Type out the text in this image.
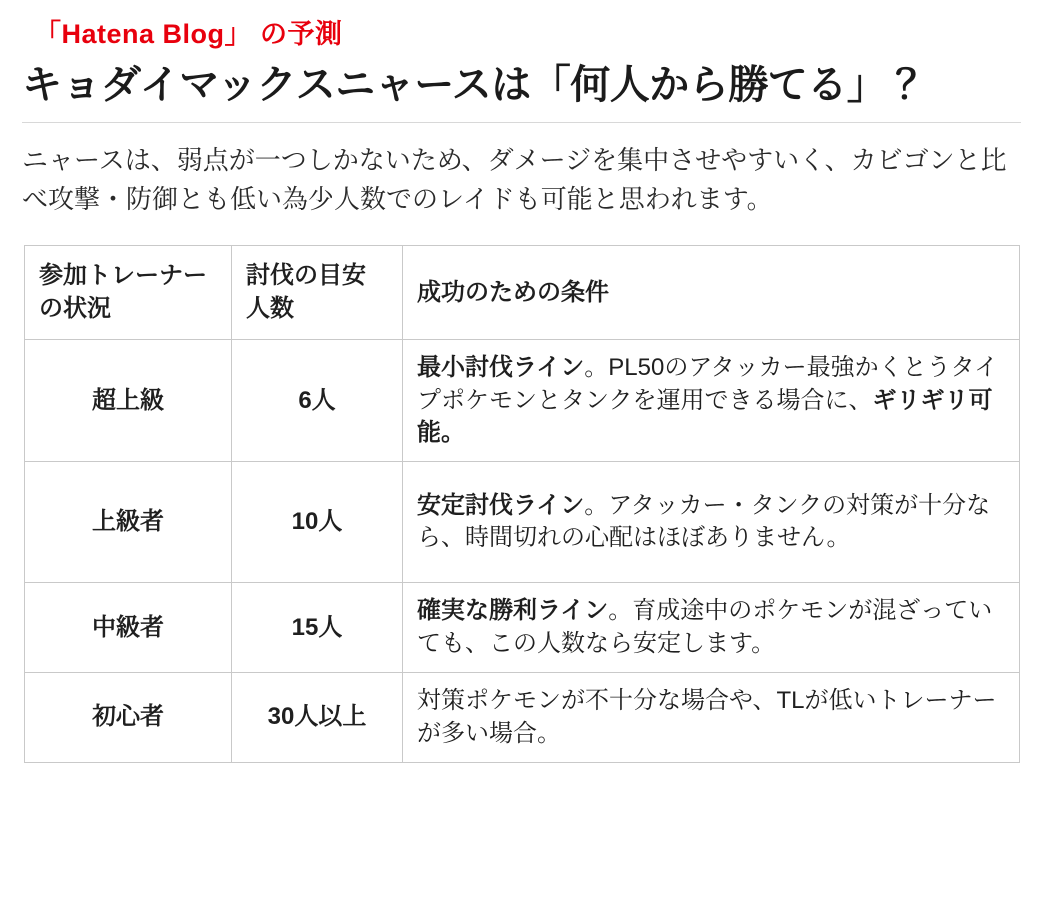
「Hatena Blog」 の予測
キョダイマックスニャースは「何人から勝てる」？

ニャースは、弱点が一つしかないため、ダメージを集中させやすいく、カビゴンと比べ攻撃・防御とも低い為少人数でのレイドも可能と思われます。

参加トレーナーの状況	討伐の目安人数	成功のための条件
超上級	6人	最小討伐ライン。PL50のアタッカー最強かくとうタイプポケモンとタンクを運用できる場合に、ギリギリ可能。
上級者	10人	安定討伐ライン。アタッカー・タンクの対策が十分なら、時間切れの心配はほぼありません。
中級者	15人	確実な勝利ライン。育成途中のポケモンが混ざっていても、この人数なら安定します。
初心者	30人以上	対策ポケモンが不十分な場合や、TLが低いトレーナーが多い場合。
